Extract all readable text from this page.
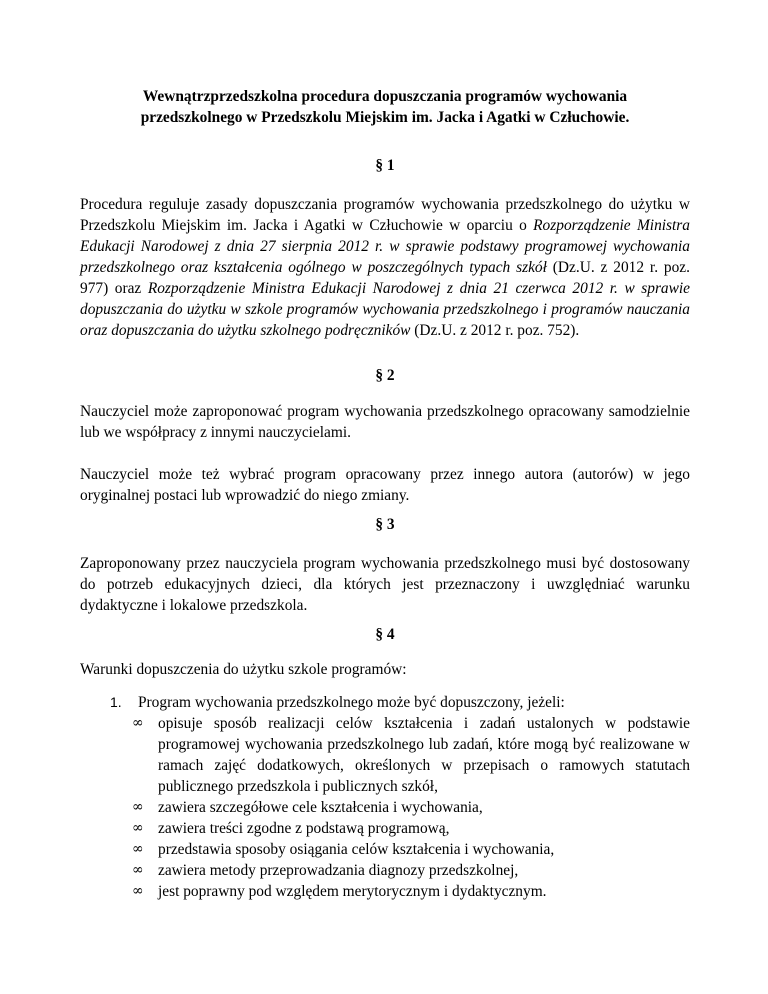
Wewnątrzprzedszkolna procedura dopuszczania programów wychowania
przedszkolnego w Przedszkolu Miejskim im. Jacka i Agatki w Człuchowie.
§ 1

Procedura reguluje zasady dopuszczania programów wychowania przedszkolnego do użytku w Przedszkolu Miejskim im. Jacka i Agatki w Człuchowie w oparciu o Rozporządzenie Ministra Edukacji Narodowej z dnia 27 sierpnia 2012 r. w sprawie podstawy programowej wychowania przedszkolnego oraz kształcenia ogólnego w poszczególnych typach szkół (Dz.U. z 2012 r. poz. 977) oraz Rozporządzenie Ministra Edukacji Narodowej z dnia 21 czerwca 2012 r. w sprawie dopuszczania do użytku w szkole programów wychowania przedszkolnego i programów nauczania oraz dopuszczania do użytku szkolnego podręczników (Dz.U. z 2012 r. poz. 752).

§ 2

Nauczyciel może zaproponować program wychowania przedszkolnego opracowany samodzielnie lub we współpracy z innymi nauczycielami.

Nauczyciel może też wybrać program opracowany przez innego autora (autorów) w jego oryginalnej postaci lub wprowadzić do niego zmiany.

§ 3

Zaproponowany przez nauczyciela program wychowania przedszkolnego musi być dostosowany do potrzeb edukacyjnych dzieci, dla których jest przeznaczony i uwzględniać warunku dydaktyczne i lokalowe przedszkola.

§ 4

Warunki dopuszczenia do użytku szkole programów:

1. Program wychowania przedszkolnego może być dopuszczony, jeżeli:
∞ opisuje sposób realizacji celów kształcenia i zadań ustalonych w podstawie programowej wychowania przedszkolnego lub zadań, które mogą być realizowane w ramach zajęć dodatkowych, określonych w przepisach o ramowych statutach publicznego przedszkola i publicznych szkół,
∞ zawiera szczegółowe cele kształcenia i wychowania,
∞ zawiera treści zgodne z podstawą programową,
∞ przedstawia sposoby osiągania celów kształcenia i wychowania,
∞ zawiera metody przeprowadzania diagnozy przedszkolnej,
∞ jest poprawny pod względem merytorycznym i dydaktycznym.
